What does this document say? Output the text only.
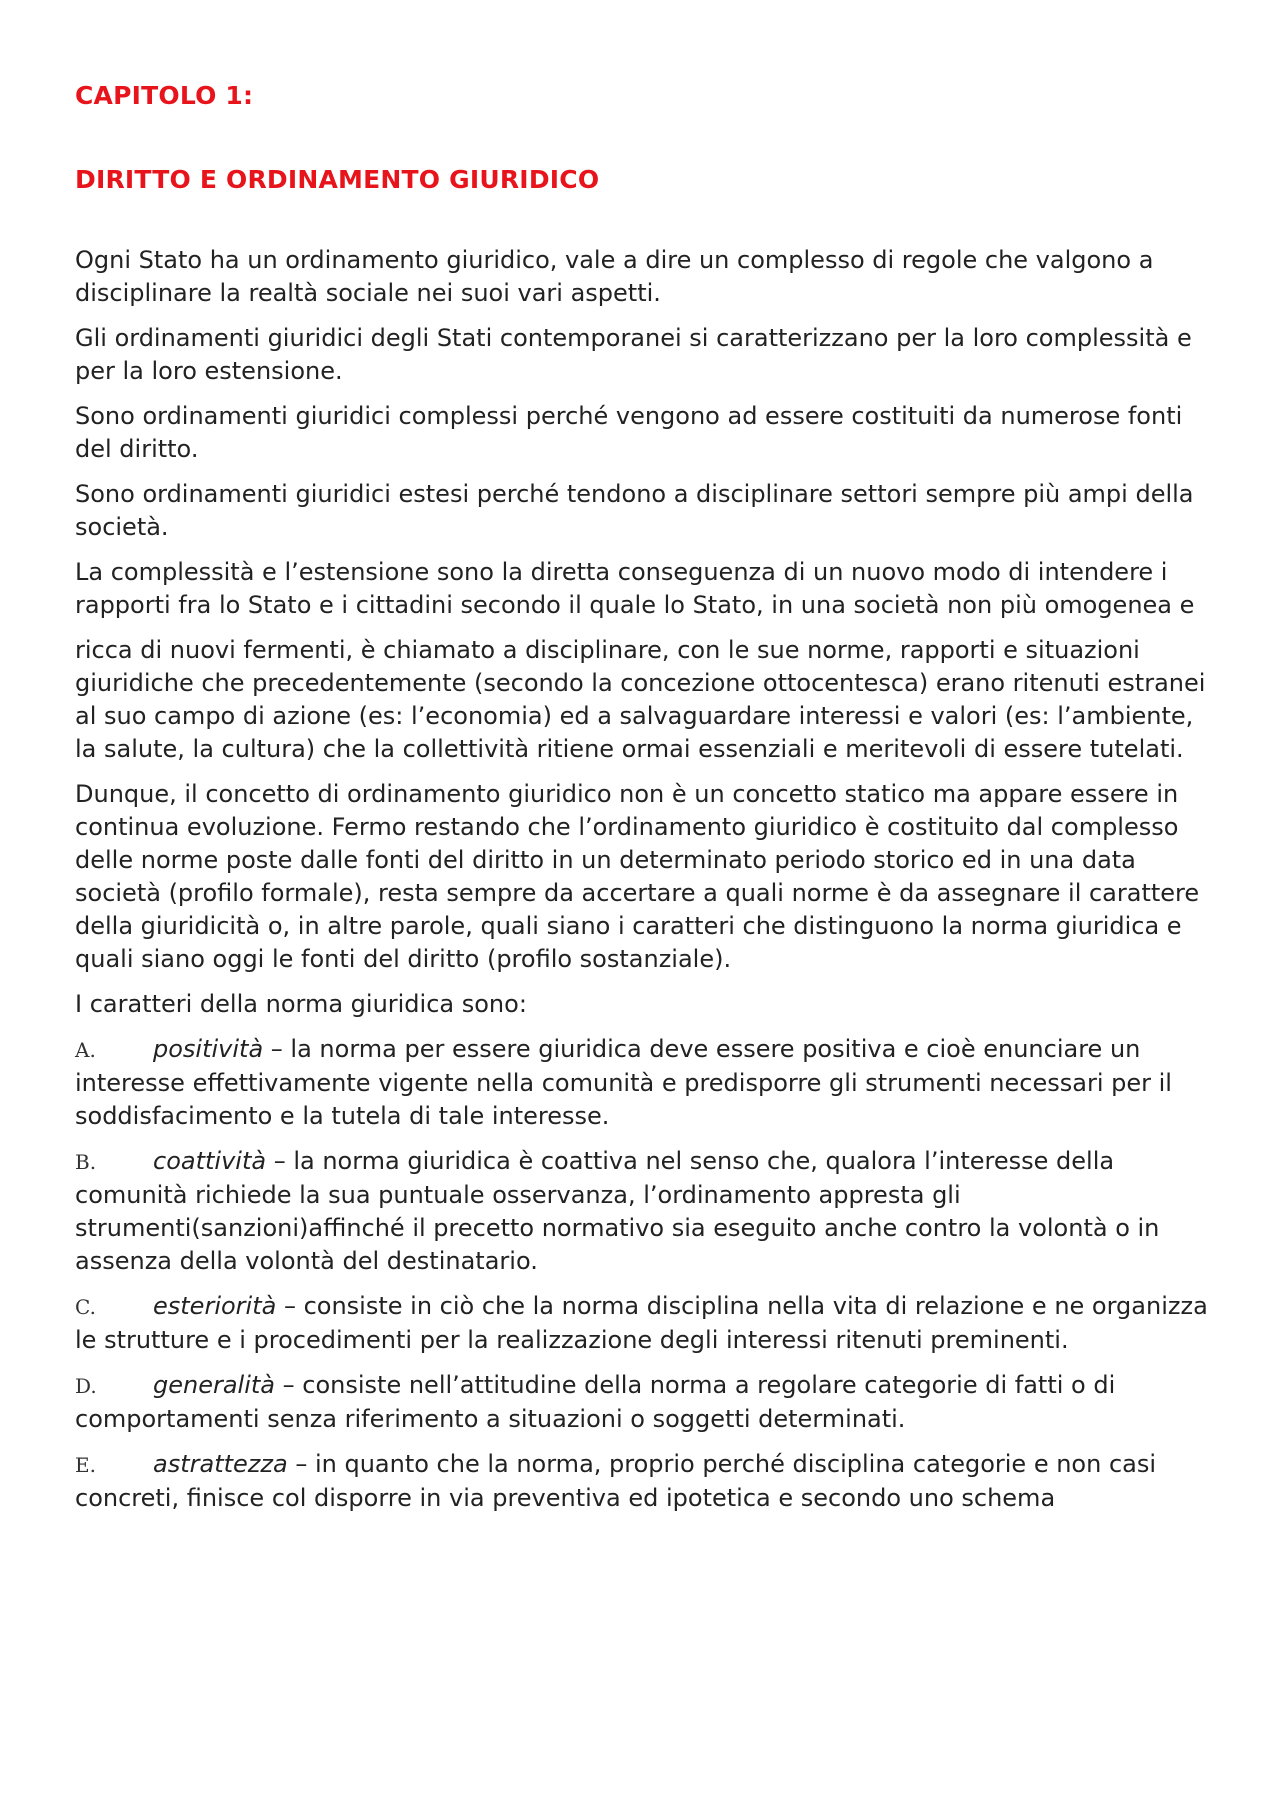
CAPITOLO 1:
DIRITTO E ORDINAMENTO GIURIDICO

Ogni Stato ha un ordinamento giuridico, vale a dire un complesso di regole che valgono a disciplinare la realtà sociale nei suoi vari aspetti.

Gli ordinamenti giuridici degli Stati contemporanei si caratterizzano per la loro complessità e per la loro estensione.

Sono ordinamenti giuridici complessi perché vengono ad essere costituiti da numerose fonti del diritto.

Sono ordinamenti giuridici estesi perché tendono a disciplinare settori sempre più ampi della società.

La complessità e l’estensione sono la diretta conseguenza di un nuovo modo di intendere i rapporti fra lo Stato e i cittadini secondo il quale lo Stato, in una società non più omogenea e

ricca di nuovi fermenti, è chiamato a disciplinare, con le sue norme, rapporti e situazioni giuridiche che precedentemente (secondo la concezione ottocentesca) erano ritenuti estranei al suo campo di azione (es: l’economia) ed a salvaguardare interessi e valori (es: l’ambiente, la salute, la cultura) che la collettività ritiene ormai essenziali e meritevoli di essere tutelati.

Dunque, il concetto di ordinamento giuridico non è un concetto statico ma appare essere in continua evoluzione. Fermo restando che l’ordinamento giuridico è costituito dal complesso delle norme poste dalle fonti del diritto in un determinato periodo storico ed in una data società (profilo formale), resta sempre da accertare a quali norme è da assegnare il carattere della giuridicità o, in altre parole, quali siano i caratteri che distinguono la norma giuridica e quali siano oggi le fonti del diritto (profilo sostanziale).

I caratteri della norma giuridica sono:

A. positività – la norma per essere giuridica deve essere positiva e cioè enunciare un interesse effettivamente vigente nella comunità e predisporre gli strumenti necessari per il soddisfacimento e la tutela di tale interesse.

B. coattività – la norma giuridica è coattiva nel senso che, qualora l’interesse della comunità richiede la sua puntuale osservanza, l’ordinamento appresta gli strumenti(sanzioni)affinché il precetto normativo sia eseguito anche contro la volontà o in assenza della volontà del destinatario.

C. esteriorità – consiste in ciò che la norma disciplina nella vita di relazione e ne organizza le strutture e i procedimenti per la realizzazione degli interessi ritenuti preminenti.

D. generalità – consiste nell’attitudine della norma a regolare categorie di fatti o di comportamenti senza riferimento a situazioni o soggetti determinati.

E. astrattezza – in quanto che la norma, proprio perché disciplina categorie e non casi concreti, finisce col disporre in via preventiva ed ipotetica e secondo uno schema
